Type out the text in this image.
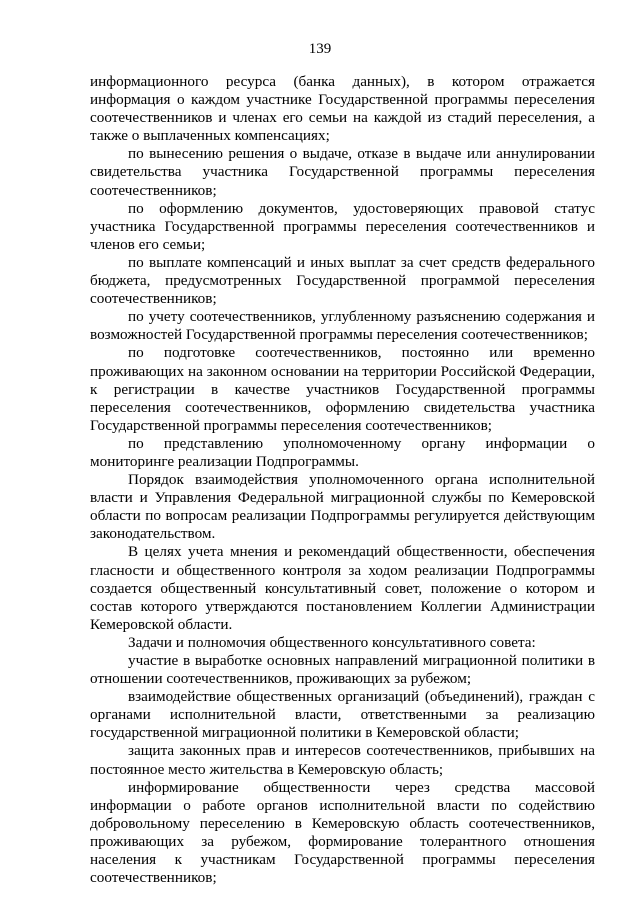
139

информационного ресурса (банка данных), в котором отражается информация о каждом участнике Государственной программы переселения соотечественников и членах его семьи на каждой из стадий переселения, а также о выплаченных компенсациях;

по вынесению решения о выдаче, отказе в выдаче или аннулировании свидетельства участника Государственной программы переселения соотечественников;

по оформлению документов, удостоверяющих правовой статус участника Государственной программы переселения соотечественников и членов его семьи;

по выплате компенсаций и иных выплат за счет средств федерального бюджета, предусмотренных Государственной программой переселения соотечественников;

по учету соотечественников, углубленному разъяснению содержания и возможностей Государственной программы переселения соотечественников;

по подготовке соотечественников, постоянно или временно проживающих на законном основании на территории Российской Федерации, к регистрации в качестве участников Государственной программы переселения соотечественников, оформлению свидетельства участника Государственной программы переселения соотечественников;

по представлению уполномоченному органу информации о мониторинге реализации Подпрограммы.

Порядок взаимодействия уполномоченного органа исполнительной власти и Управления Федеральной миграционной службы по Кемеровской области по вопросам реализации Подпрограммы регулируется действующим законодательством.

В целях учета мнения и рекомендаций общественности, обеспечения гласности и общественного контроля за ходом реализации Подпрограммы создается общественный консультативный совет, положение о котором и состав которого утверждаются постановлением Коллегии Администрации Кемеровской области.

Задачи и полномочия общественного консультативного совета:

участие в выработке основных направлений миграционной политики в отношении соотечественников, проживающих за рубежом;

взаимодействие общественных организаций (объединений), граждан с органами исполнительной власти, ответственными за реализацию государственной миграционной политики в Кемеровской области;

защита законных прав и интересов соотечественников, прибывших на постоянное место жительства в Кемеровскую область;

информирование общественности через средства массовой информации о работе органов исполнительной власти по содействию добровольному переселению в Кемеровскую область соотечественников, проживающих за рубежом, формирование толерантного отношения населения к участникам Государственной программы переселения соотечественников;
